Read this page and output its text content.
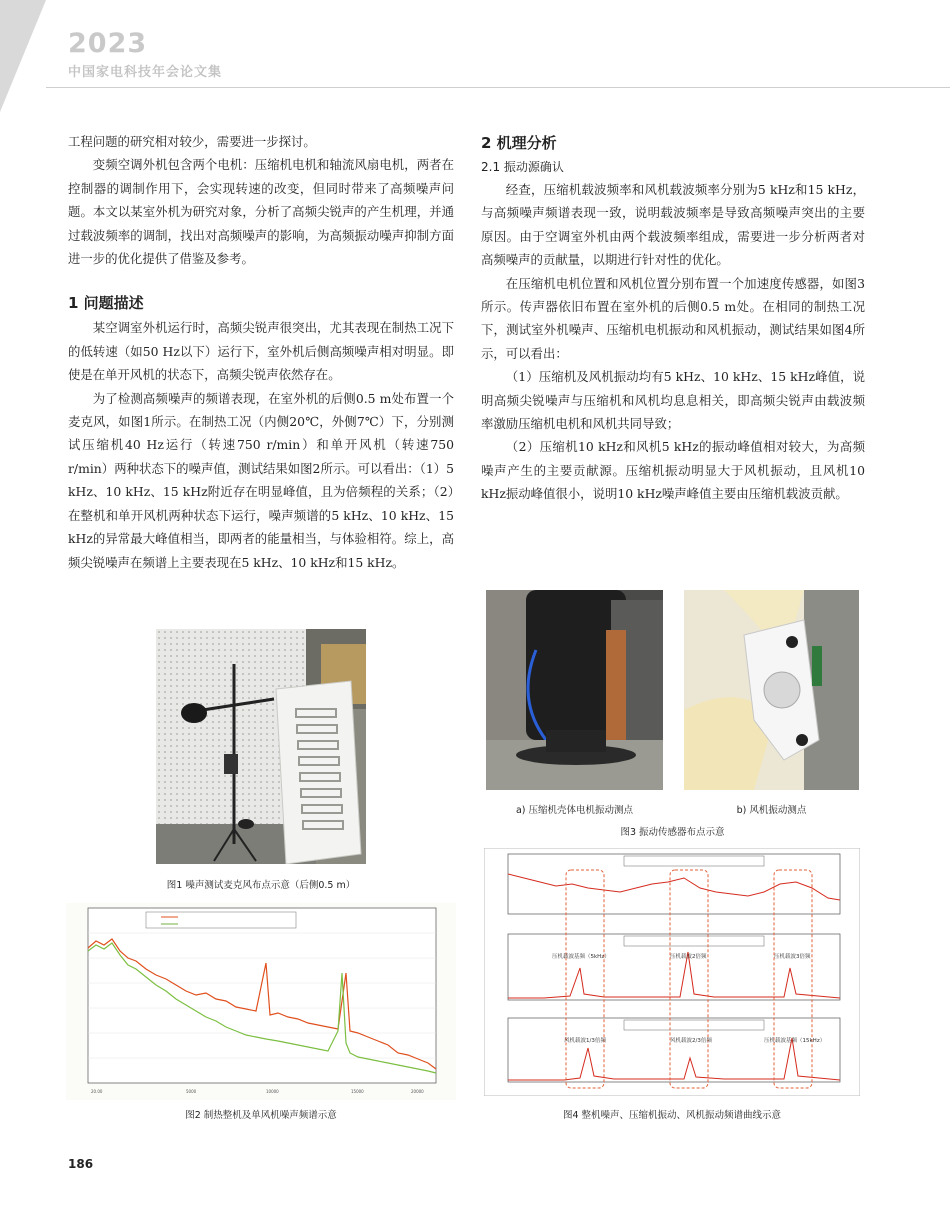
2023
中国家电科技年会论文集

工程问题的研究相对较少，需要进一步探讨。

变频空调外机包含两个电机：压缩机电机和轴流风扇电机，两者在控制器的调制作用下，会实现转速的改变，但同时带来了高频噪声问题。本文以某室外机为研究对象，分析了高频尖锐声的产生机理，并通过载波频率的调制，找出对高频噪声的影响，为高频振动噪声抑制方面进一步的优化提供了借鉴及参考。

1 问题描述

某空调室外机运行时，高频尖锐声很突出，尤其表现在制热工况下的低转速（如50 Hz以下）运行下，室外机后侧高频噪声相对明显。即使是在单开风机的状态下，高频尖锐声依然存在。

为了检测高频噪声的频谱表现，在室外机的后侧0.5 m处布置一个麦克风，如图1所示。在制热工况（内侧20℃，外侧7℃）下，分别测试压缩机40 Hz运行（转速750 r/min）和单开风机（转速750 r/min）两种状态下的噪声值，测试结果如图2所示。可以看出：（1）5 kHz、10 kHz、15 kHz附近存在明显峰值，且为倍频程的关系；（2）在整机和单开风机两种状态下运行，噪声频谱的5 kHz、10 kHz、15 kHz的异常最大峰值相当，即两者的能量相当，与体验相符。综上，高频尖锐噪声在频谱上主要表现在5 kHz、10 kHz和15 kHz。

2 机理分析
2.1 振动源确认

经查，压缩机载波频率和风机载波频率分别为5 kHz和15 kHz，与高频噪声频谱表现一致，说明载波频率是导致高频噪声突出的主要原因。由于空调室外机由两个载波频率组成，需要进一步分析两者对高频噪声的贡献量，以期进行针对性的优化。

在压缩机电机位置和风机位置分别布置一个加速度传感器，如图3所示。传声器依旧布置在室外机的后侧0.5 m处。在相同的制热工况下，测试室外机噪声、压缩机电机振动和风机振动，测试结果如图4所示，可以看出：

（1）压缩机及风机振动均有5 kHz、10 kHz、15 kHz峰值，说明高频尖锐噪声与压缩机和风机均息息相关，即高频尖锐声由载波频率激励压缩机电机和风机共同导致；

（2）压缩机10 kHz和风机5 kHz的振动峰值相对较大，为高频噪声产生的主要贡献源。压缩机振动明显大于风机振动，且风机10 kHz振动峰值很小，说明10 kHz噪声峰值主要由压缩机载波贡献。

图1 噪声测试麦克风布点示意（后侧0.5 m）
20.00	5000	10000	15000	20000
图2 制热整机及单风机噪声频谱示意
a) 压缩机壳体电机振动测点	b) 风机振动测点
图3 振动传感器布点示意
压机载波基频（5kHz）	压机载波2倍频	压机载波3倍频
风机载波1/3倍频	风机载波2/3倍频	压机载波基频（15kHz）
图4 整机噪声、压缩机振动、风机振动频谱曲线示意
186
